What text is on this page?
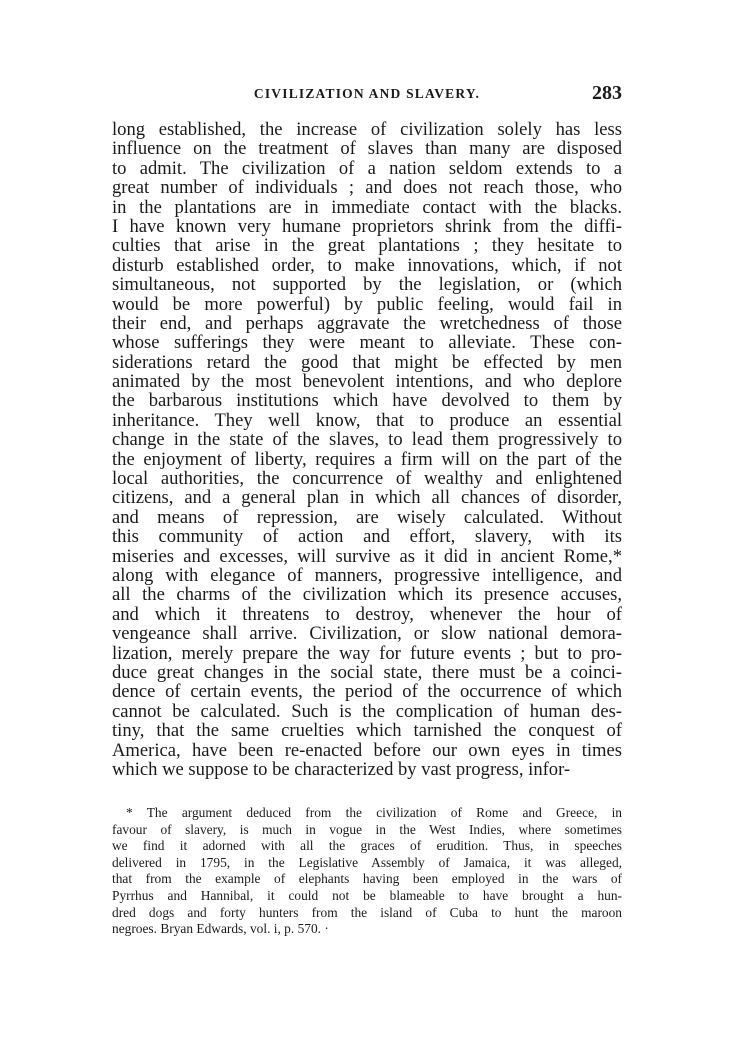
CIVILIZATION AND SLAVERY.	283
long established, the increase of civilization solely has less
influence on the treatment of slaves than many are disposed
to admit. The civilization of a nation seldom extends to a
great number of individuals ; and does not reach those, who
in the plantations are in immediate contact with the blacks.
I have known very humane proprietors shrink from the diffi-
culties that arise in the great plantations ; they hesitate to
disturb established order, to make innovations, which, if not
simultaneous, not supported by the legislation, or (which
would be more powerful) by public feeling, would fail in
their end, and perhaps aggravate the wretchedness of those
whose sufferings they were meant to alleviate. These con-
siderations retard the good that might be effected by men
animated by the most benevolent intentions, and who deplore
the barbarous institutions which have devolved to them by
inheritance. They well know, that to produce an essential
change in the state of the slaves, to lead them progressively to
the enjoyment of liberty, requires a firm will on the part of the
local authorities, the concurrence of wealthy and enlightened
citizens, and a general plan in which all chances of disorder,
and means of repression, are wisely calculated. Without
this community of action and effort, slavery, with its
miseries and excesses, will survive as it did in ancient Rome,*
along with elegance of manners, progressive intelligence, and
all the charms of the civilization which its presence accuses,
and which it threatens to destroy, whenever the hour of
vengeance shall arrive. Civilization, or slow national demora-
lization, merely prepare the way for future events ; but to pro-
duce great changes in the social state, there must be a coinci-
dence of certain events, the period of the occurrence of which
cannot be calculated. Such is the complication of human des-
tiny, that the same cruelties which tarnished the conquest of
America, have been re-enacted before our own eyes in times
which we suppose to be characterized by vast progress, infor-
* The argument deduced from the civilization of Rome and Greece, in
favour of slavery, is much in vogue in the West Indies, where sometimes
we find it adorned with all the graces of erudition. Thus, in speeches
delivered in 1795, in the Legislative Assembly of Jamaica, it was alleged,
that from the example of elephants having been employed in the wars of
Pyrrhus and Hannibal, it could not be blameable to have brought a hun-
dred dogs and forty hunters from the island of Cuba to hunt the maroon
negroes. Bryan Edwards, vol. i, p. 570. ·
